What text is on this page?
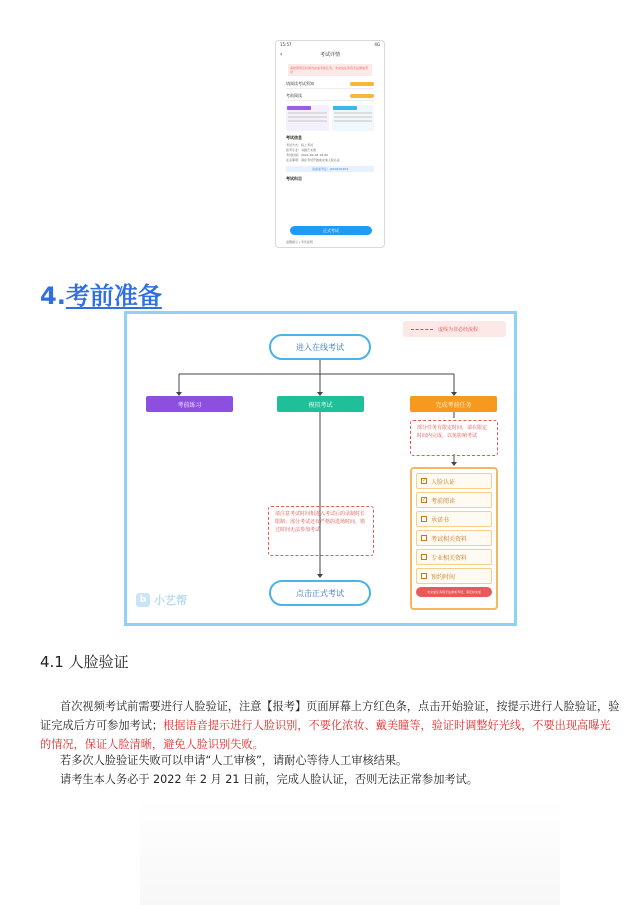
15:57	4G
‹	考试详情
请按照规定时间内完成考前任务，未完成任务将无法参加考试
请阅读考试须知
考前阅读
考试信息
考试方式：线上考试
报考专业：书画艺术类
考试时间：2021-02-04 10:00
注意事项：请在考试开始前完成人脸认证
查看准考证：JK20210204
考试科目
正式考试
温馨提示 | 考试说明
4.考前准备
虚线为非必经流程
进入在线考试
考前练习	模拟考试	完成考前任务
部分任务有限定时间，请在限定时间内完成，以免影响考试
请注意考试时间相进入考试后的录制时长限制；部分考试还有严格的进场时间，错过时间无法参加考试
✓ 人脸认证
✓ 考前阅读
承诺书
考试相关资料
专业相关资料
预约时间
未完成任务将无法参加考试，请及时完成
点击正式考试
b 小艺帮
4.1 人脸验证
首次视频考试前需要进行人脸验证，注意【报考】页面屏幕上方红色条，点击开始验证，按提示进行人脸验证，验证完成后方可参加考试；根据语音提示进行人脸识别，不要化浓妆、戴美瞳等，验证时调整好光线，不要出现高曝光的情况，保证人脸清晰，避免人脸识别失败。
若多次人脸验证失败可以申请“人工审核”，请耐心等待人工审核结果。
请考生本人务必于 2022 年 2 月 21 日前，完成人脸认证，否则无法正常参加考试。
